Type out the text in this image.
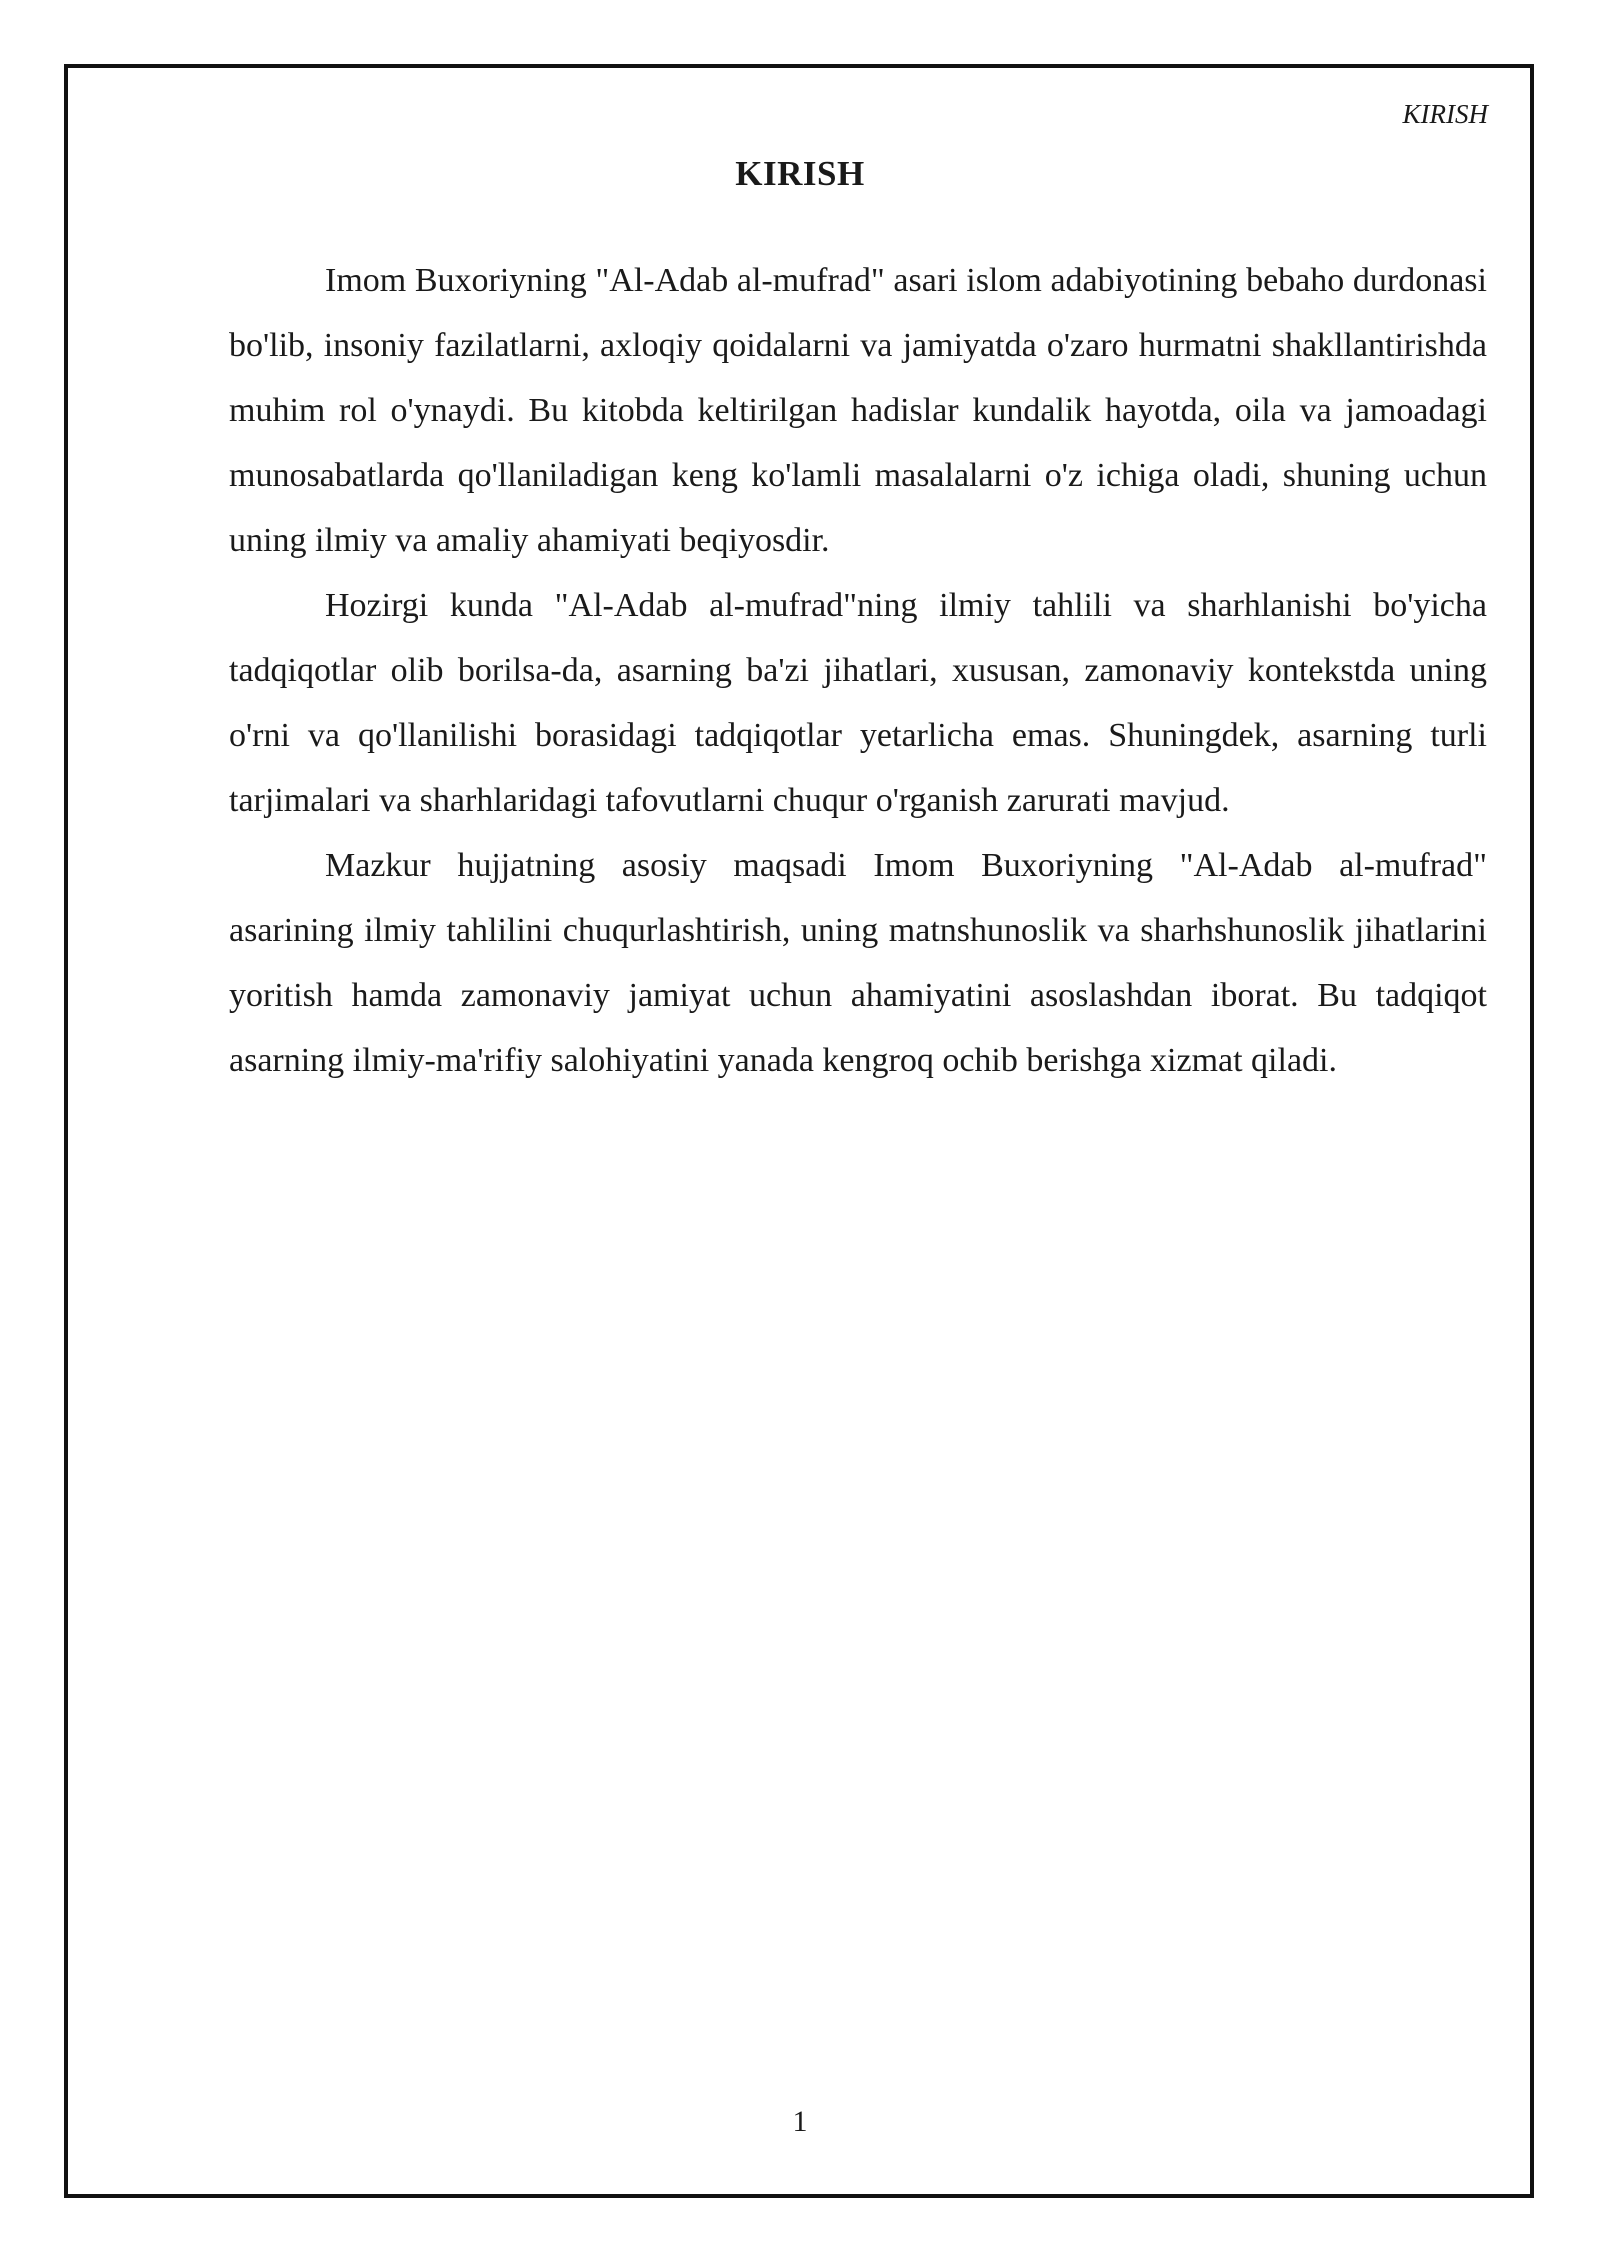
KIRISH
KIRISH

Imom Buxoriyning "Al-Adab al-mufrad" asari islom adabiyotining bebaho durdonasi bo'lib, insoniy fazilatlarni, axloqiy qoidalarni va jamiyatda o'zaro hurmatni shakllantirishda muhim rol o'ynaydi. Bu kitobda keltirilgan hadislar kundalik hayotda, oila va jamoadagi munosabatlarda qo'llaniladigan keng ko'lamli masalalarni o'z ichiga oladi, shuning uchun uning ilmiy va amaliy ahamiyati beqiyosdir.

Hozirgi kunda "Al-Adab al-mufrad"ning ilmiy tahlili va sharhlanishi bo'yicha tadqiqotlar olib borilsa-da, asarning ba'zi jihatlari, xususan, zamonaviy kontekstda uning o'rni va qo'llanilishi borasidagi tadqiqotlar yetarlicha emas. Shuningdek, asarning turli tarjimalari va sharhlaridagi tafovutlarni chuqur o'rganish zarurati mavjud.

Mazkur hujjatning asosiy maqsadi Imom Buxoriyning "Al-Adab al-mufrad" asarining ilmiy tahlilini chuqurlashtirish, uning matnshunoslik va sharhshunoslik jihatlarini yoritish hamda zamonaviy jamiyat uchun ahamiyatini asoslashdan iborat. Bu tadqiqot asarning ilmiy-ma'rifiy salohiyatini yanada kengroq ochib berishga xizmat qiladi.

1
